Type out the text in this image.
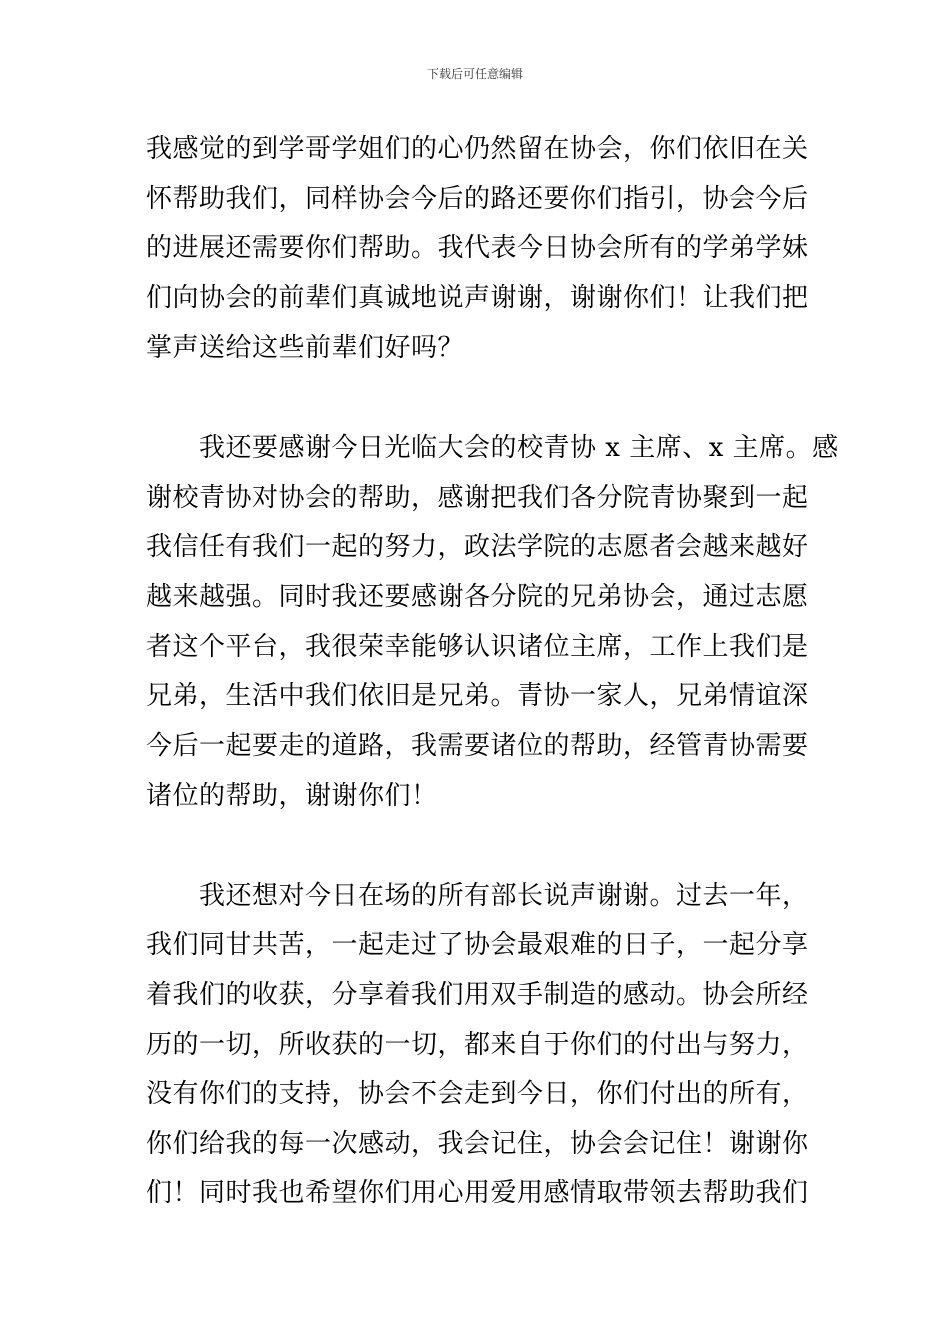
下载后可任意编辑
我感觉的到学哥学姐们的心仍然留在协会，你们依旧在关
怀帮助我们，同样协会今后的路还要你们指引，协会今后
的进展还需要你们帮助。我代表今日协会所有的学弟学妹
们向协会的前辈们真诚地说声谢谢，谢谢你们！让我们把
掌声送给这些前辈们好吗？
　　我还要感谢今日光临大会的校青协 x 主席、x 主席。感
谢校青协对协会的帮助，感谢把我们各分院青协聚到一起
我信任有我们一起的努力，政法学院的志愿者会越来越好
越来越强。同时我还要感谢各分院的兄弟协会，通过志愿
者这个平台，我很荣幸能够认识诸位主席，工作上我们是
兄弟，生活中我们依旧是兄弟。青协一家人，兄弟情谊深
今后一起要走的道路，我需要诸位的帮助，经管青协需要
诸位的帮助，谢谢你们！
　　我还想对今日在场的所有部长说声谢谢。过去一年，
我们同甘共苦，一起走过了协会最艰难的日子，一起分享
着我们的收获，分享着我们用双手制造的感动。协会所经
历的一切，所收获的一切，都来自于你们的付出与努力，
没有你们的支持，协会不会走到今日，你们付出的所有，
你们给我的每一次感动，我会记住，协会会记住！谢谢你
们！同时我也希望你们用心用爱用感情取带领去帮助我们
